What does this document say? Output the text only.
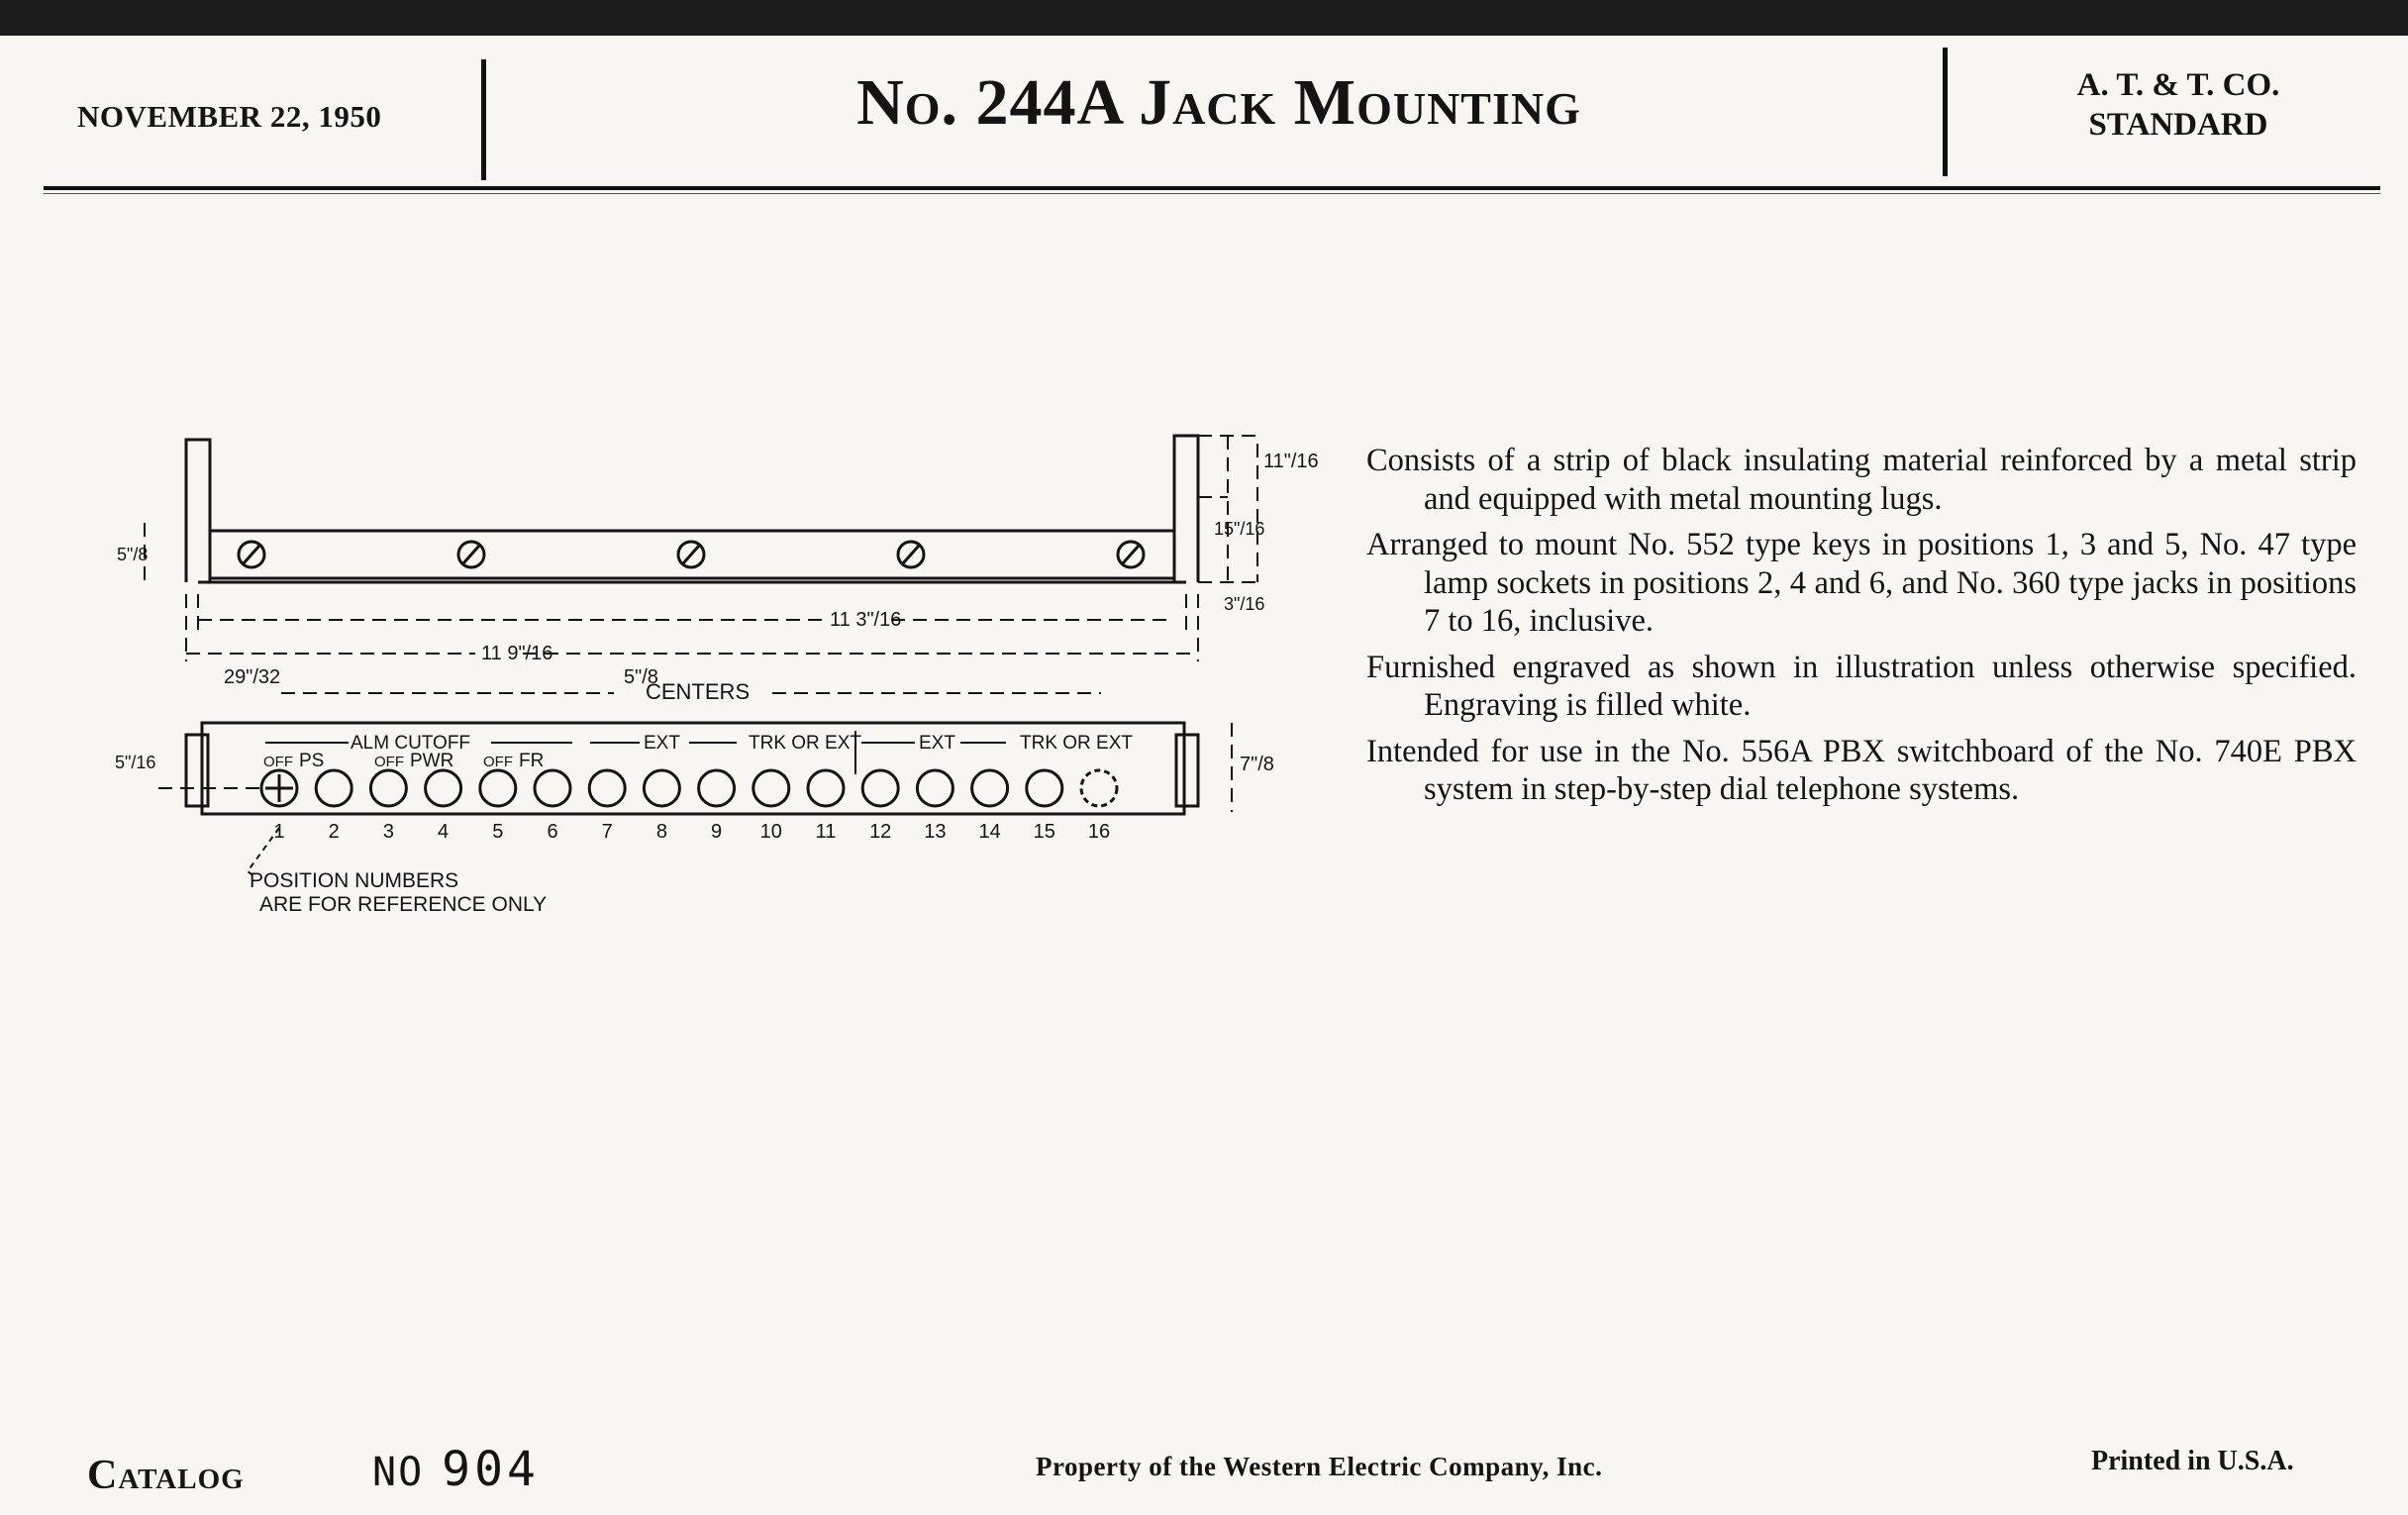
NOVEMBER 22, 1950	No. 244A Jack Mounting	A. T. & T. CO.
STANDARD
1 2 3 4 5 6 7 8 9 10 11 12 13 14 15 16
ALM CUTOFF	EXT	TRK OR EXT	EXT	TRK OR EXT
OFF PS	OFF PWR OFF FR
CENTERS
5"/8
29"/32
11 3"/16
11 9"/16
11"/16
15"/16
3"/16
5"/8
7"/8
5"/16
POSITION NUMBERS
ARE FOR REFERENCE ONLY

Consists of a strip of black insulating material reinforced by a metal strip and equipped with metal mounting lugs.

Arranged to mount No. 552 type keys in positions 1, 3 and 5, No. 47 type lamp sockets in positions 2, 4 and 6, and No. 360 type jacks in positions 7 to 16, inclusive.

Furnished engraved as shown in illustration unless otherwise specified. Engraving is filled white.

Intended for use in the No. 556A PBX switchboard of the No. 740E PBX system in step-by-step dial telephone systems.

Catalog	NO 904	Property of the Western Electric Company, Inc.	Printed in U.S.A.
